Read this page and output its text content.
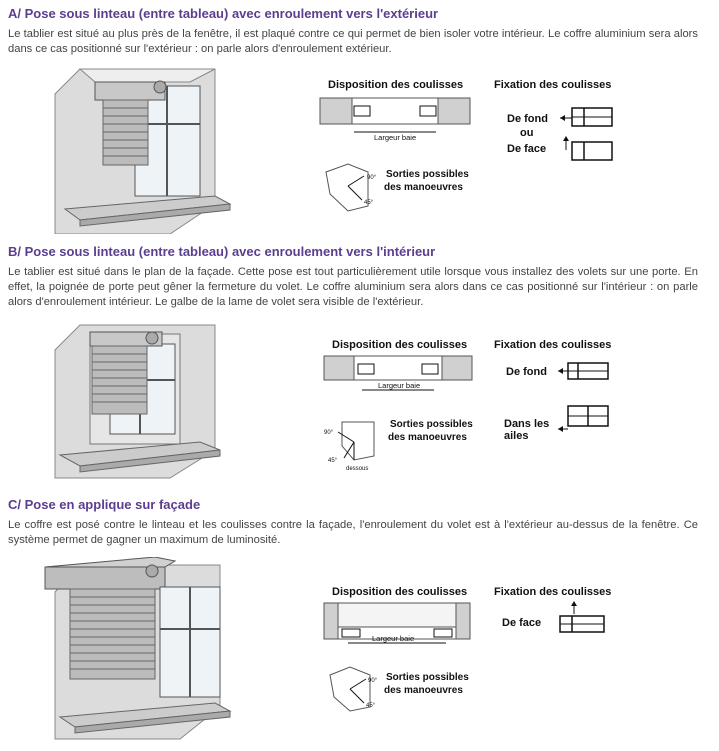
A/ Pose sous linteau (entre tableau) avec enroulement vers l'extérieur
Le tablier est situé au plus près de la fenêtre, il est plaqué contre ce qui permet de bien isoler votre intérieur. Le coffre aluminium sera alors dans ce cas positionné sur l'extérieur : on parle alors d'enroulement extérieur.
Disposition des coulisses
Largeur baie
90°
45°
Sorties possibles
des manoeuvres
Fixation des coulisses
De fond
ou
De face
B/ Pose sous linteau (entre tableau) avec enroulement vers l'intérieur
Le tablier est situé dans le plan de la façade. Cette pose est tout particulièrement utile lorsque vous installez des volets sur une porte. En effet, la poignée de porte peut gêner la fermeture du volet. Le coffre aluminium sera alors dans ce cas positionné sur l'intérieur : on parle alors d'enroulement intérieur. Le galbe de la lame de volet sera visible de l'extérieur.
Disposition des coulisses
Largeur baie
90°
45°
dessous
Sorties possibles
des manoeuvres
Fixation des coulisses
De fond
Dans les
ailes
C/ Pose en applique sur façade
Le coffre est posé contre le linteau et les coulisses contre la façade, l'enroulement du volet est à l'extérieur au-dessus de la fenêtre. Ce système permet de gagner un maximum de luminosité.
Disposition des coulisses
Largeur baie
90°
45°
Sorties possibles
des manoeuvres
Fixation des coulisses
De face
